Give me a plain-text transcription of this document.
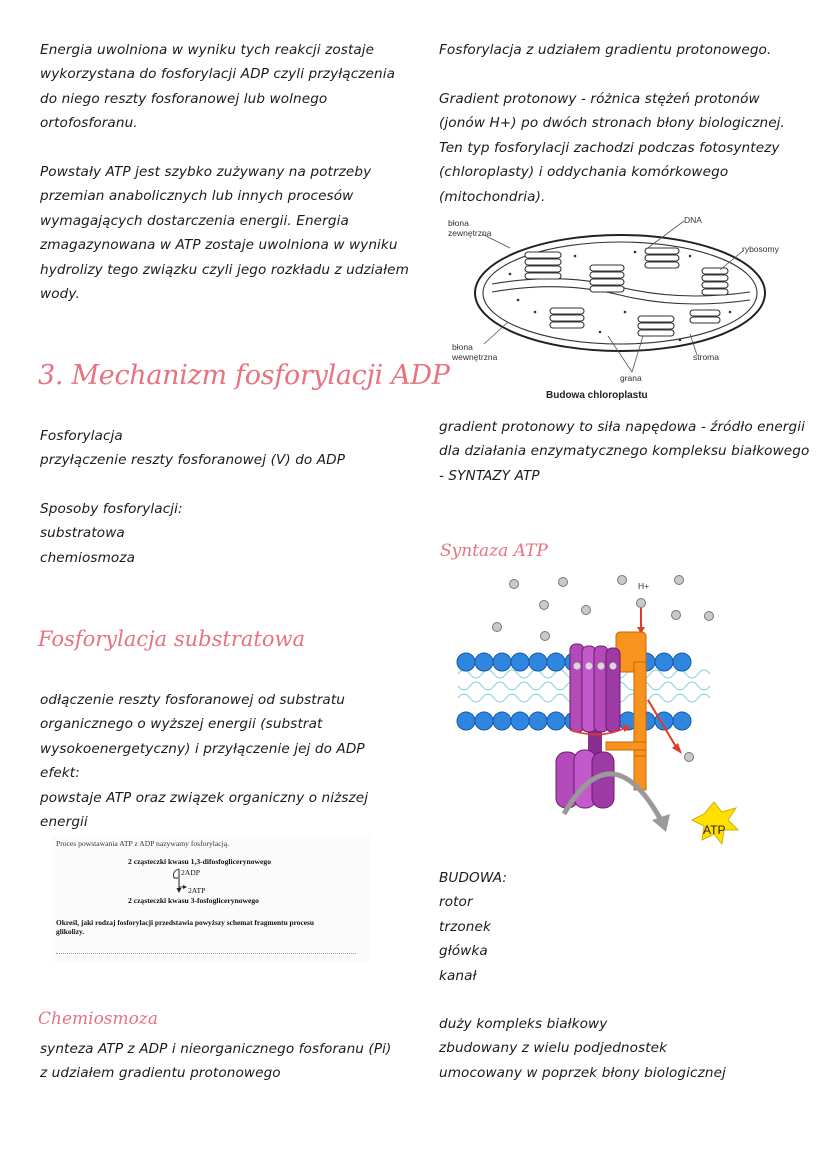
Energia uwolniona w wyniku tych reakcji zostaje
wykorzystana do fosforylacji ADP czyli przyłączenia
do niego reszty fosforanowej lub wolnego
ortofosforanu.
Powstały ATP jest szybko zużywany na potrzeby
przemian anabolicznych lub innych procesów
wymagających dostarczenia energii. Energia
zmagazynowana w ATP zostaje uwolniona w wyniku
hydrolizy tego związku czyli jego rozkładu z udziałem
wody.
3. Mechanizm fosforylacji ADP
Fosforylacja
przyłączenie reszty fosforanowej (V) do ADP
Sposoby fosforylacji:
substratowa
chemiosmoza
Fosforylacja substratowa
odłączenie reszty fosforanowej od substratu
organicznego o wyższej energii (substrat
wysokoenergetyczny) i przyłączenie jej do ADP
efekt:
powstaje ATP oraz związek organiczny o niższej
energii
Proces powstawania ATP z ADP nazywamy fosforylacją.
2 cząsteczki kwasu 1,3-difosfoglicerynowego
2ADP
2ATP
2 cząsteczki kwasu 3-fosfoglicerynowego
Określ, jaki rodzaj fosforylacji przedstawia powyższy schemat fragmentu procesu
glikolizy.
Chemiosmoza
synteza ATP z ADP i nieorganicznego fosforanu (Pi)
z udziałem gradientu protonowego
Fosforylacja z udziałem gradientu protonowego.
Gradient protonowy - różnica stężeń protonów
(jonów H+) po dwóch stronach błony biologicznej.
Ten typ fosforylacji zachodzi podczas fotosyntezy
(chloroplasty) i oddychania komórkowego
(mitochondria).
błona
zewnętrzna
DNA
rybosomy
błona
wewnętrzna	stroma
grana
Budowa chloroplastu
gradient protonowy to siła napędowa - źródło energii
dla działania enzymatycznego kompleksu białkowego
- SYNTAZY ATP
Syntaza ATP
H+
ATP
BUDOWA:
rotor
trzonek
główka
kanał
duży kompleks białkowy
zbudowany z wielu podjednostek
umocowany w poprzek błony biologicznej
